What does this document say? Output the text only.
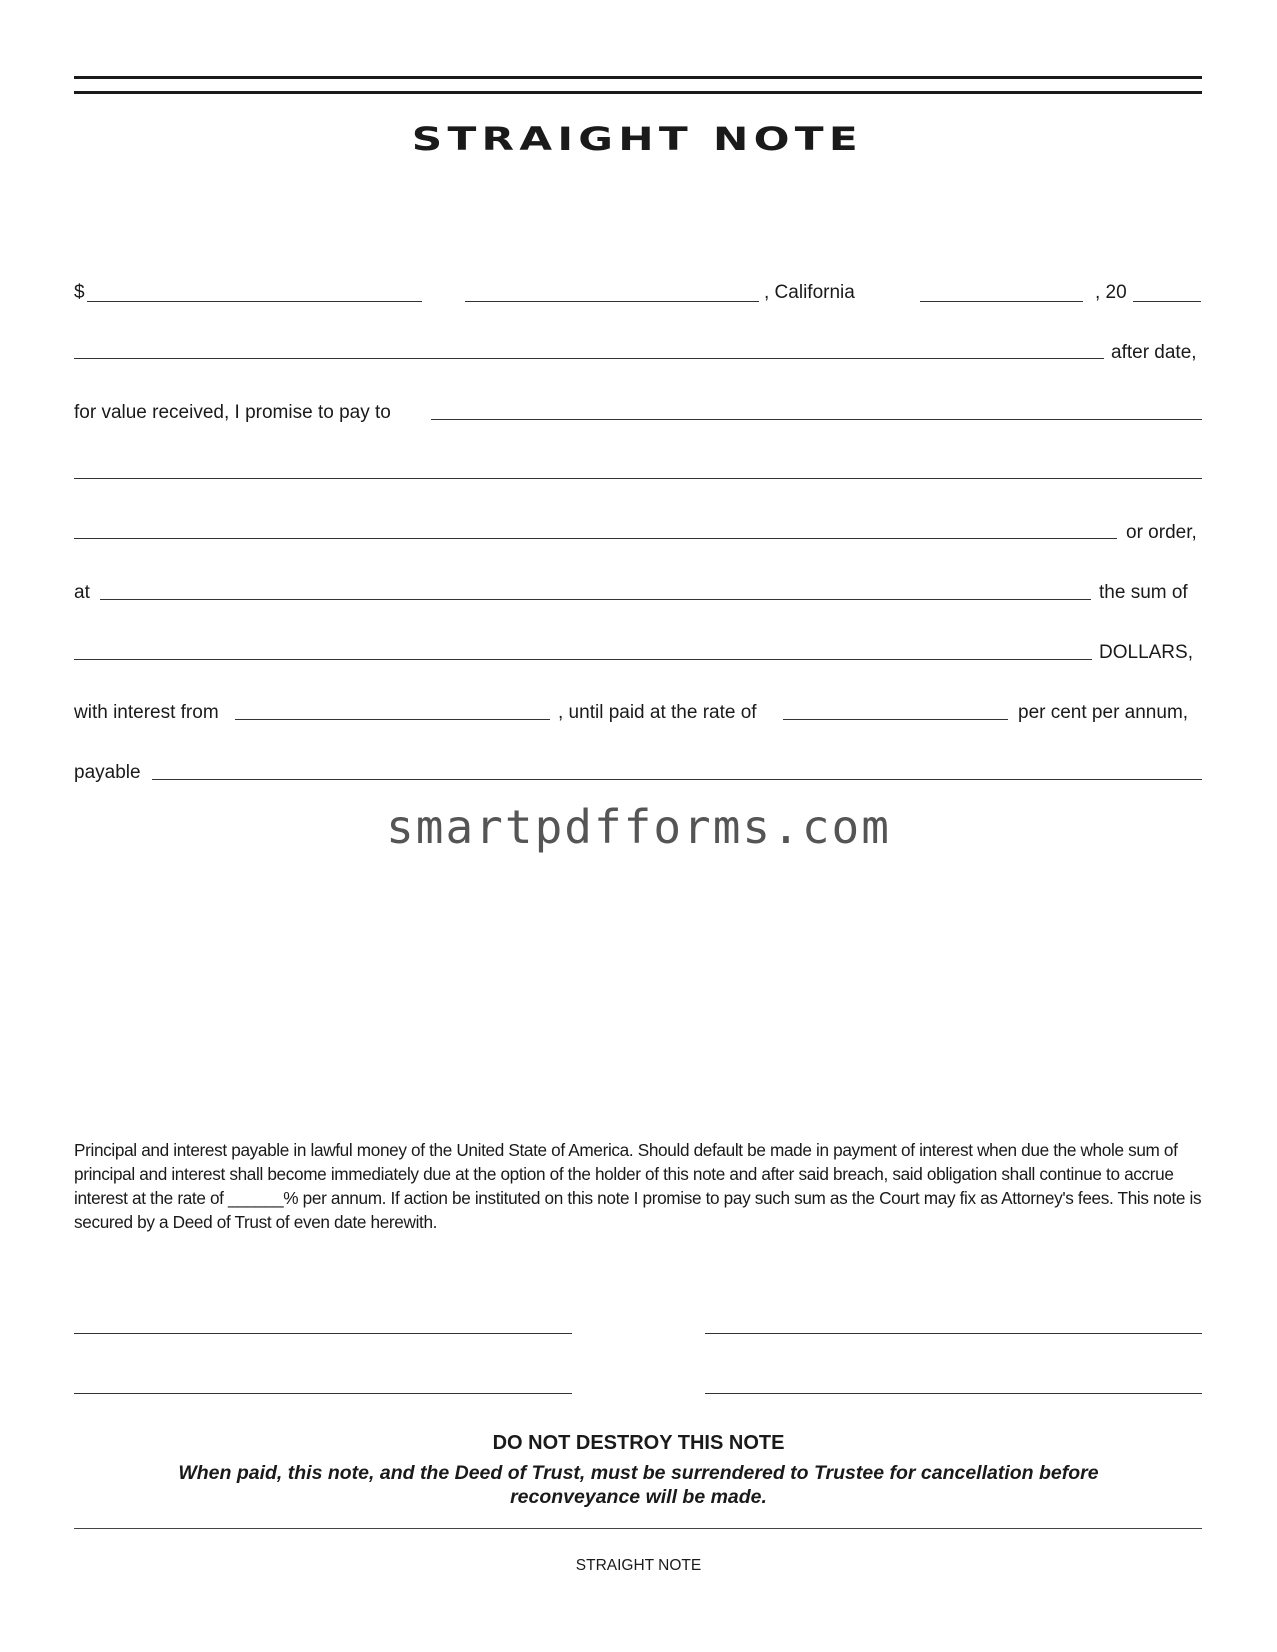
STRAIGHT NOTE
$	, California	, 20
after date,
for value received, I promise to pay to
or order,
at	the sum of
DOLLARS,
with interest from	, until paid at the rate of	per cent per annum,
payable
smartpdfforms.com
Principal and interest payable in lawful money of the United State of America. Should default be made in payment of interest when due the whole sum of principal and interest shall become immediately due at the option of the holder of this note and after said breach, said obligation shall continue to accrue interest at the rate of ______% per annum. If action be instituted on this note I promise to pay such sum as the Court may fix as Attorney's fees. This note is secured by a Deed of Trust of even date herewith.
DO NOT DESTROY THIS NOTE
When paid, this note, and the Deed of Trust, must be surrendered to Trustee for cancellation before reconveyance will be made.
STRAIGHT NOTE
